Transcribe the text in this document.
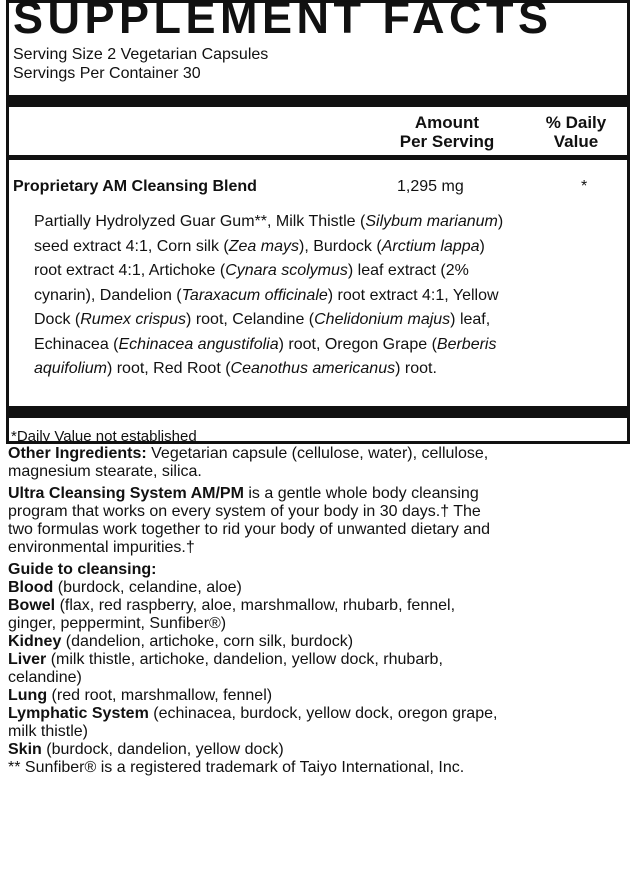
SUPPLEMENT FACTS
Serving Size 2 Vegetarian Capsules
Servings Per Container 30
Amount
Per Serving
% Daily
Value
Proprietary AM Cleansing Blend	1,295 mg	*
Partially Hydrolyzed Guar Gum**, Milk Thistle (Silybum marianum)
seed extract 4:1, Corn silk (Zea mays), Burdock (Arctium lappa)
root extract 4:1, Artichoke (Cynara scolymus) leaf extract (2%
cynarin), Dandelion (Taraxacum officinale) root extract 4:1, Yellow
Dock (Rumex crispus) root, Celandine (Chelidonium majus) leaf,
Echinacea (Echinacea angustifolia) root, Oregon Grape (Berberis
aquifolium) root, Red Root (Ceanothus americanus) root.
*Daily Value not established
Other Ingredients: Vegetarian capsule (cellulose, water), cellulose,
magnesium stearate, silica.
Ultra Cleansing System AM/PM is a gentle whole body cleansing
program that works on every system of your body in 30 days.† The
two formulas work together to rid your body of unwanted dietary and
environmental impurities.†
Guide to cleansing:
Blood (burdock, celandine, aloe)
Bowel (flax, red raspberry, aloe, marshmallow, rhubarb, fennel,
ginger, peppermint, Sunfiber®)
Kidney (dandelion, artichoke, corn silk, burdock)
Liver (milk thistle, artichoke, dandelion, yellow dock, rhubarb,
celandine)
Lung (red root, marshmallow, fennel)
Lymphatic System (echinacea, burdock, yellow dock, oregon grape,
milk thistle)
Skin (burdock, dandelion, yellow dock)
** Sunfiber® is a registered trademark of Taiyo International, Inc.
